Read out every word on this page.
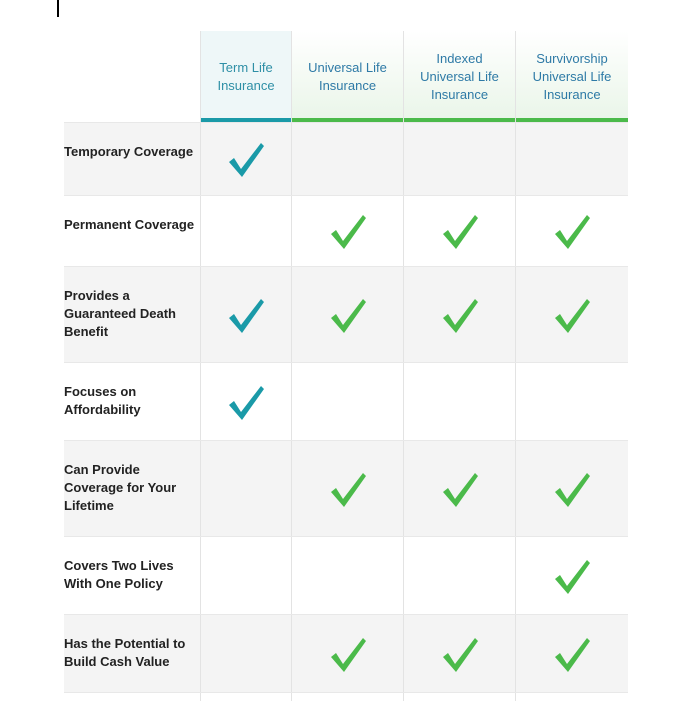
Term Life Insurance
Universal Life Insurance
Indexed Universal Life Insurance
Survivorship Universal Life Insurance
Temporary Coverage
Permanent Coverage
Provides a Guaranteed Death Benefit
Focuses on Affordability
Can Provide Coverage for Your Lifetime
Covers Two Lives With One Policy
Has the Potential to Build Cash Value
